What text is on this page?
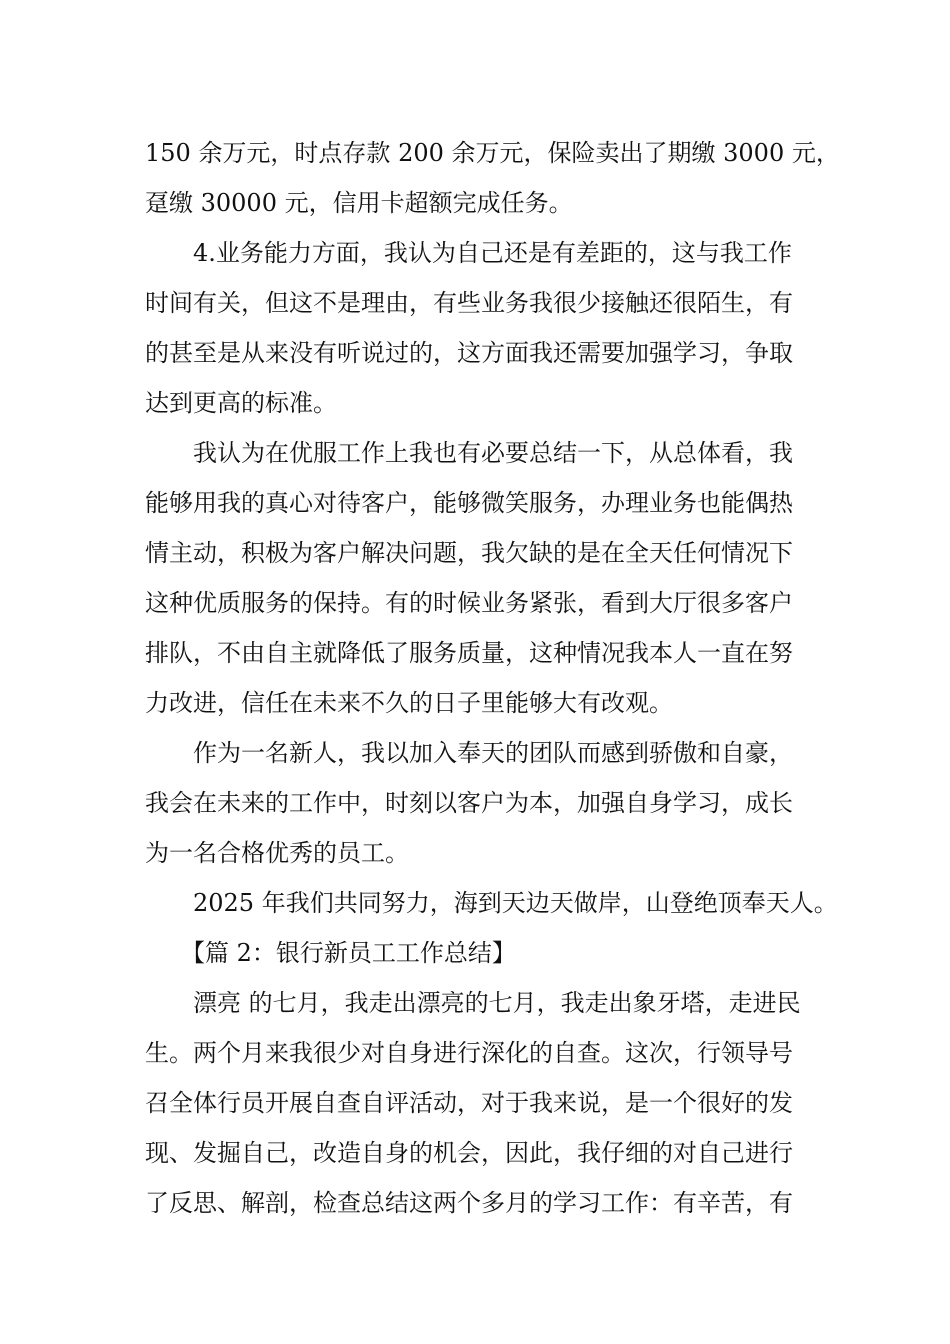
150 余万元，时点存款 200 余万元，保险卖出了期缴 3000 元，
趸缴 30000 元，信用卡超额完成任务。
4.业务能力方面，我认为自己还是有差距的，这与我工作
时间有关，但这不是理由，有些业务我很少接触还很陌生，有
的甚至是从来没有听说过的，这方面我还需要加强学习，争取
达到更高的标准。
我认为在优服工作上我也有必要总结一下，从总体看，我
能够用我的真心对待客户，能够微笑服务，办理业务也能偶热
情主动，积极为客户解决问题，我欠缺的是在全天任何情况下
这种优质服务的保持。有的时候业务紧张，看到大厅很多客户
排队，不由自主就降低了服务质量，这种情况我本人一直在努
力改进，信任在未来不久的日子里能够大有改观。
作为一名新人，我以加入奉天的团队而感到骄傲和自豪，
我会在未来的工作中，时刻以客户为本，加强自身学习，成长
为一名合格优秀的员工。
2025 年我们共同努力，海到天边天做岸，山登绝顶奉天人。
【篇 2：银行新员工工作总结】
漂亮 的七月，我走出漂亮的七月，我走出象牙塔，走进民
生。两个月来我很少对自身进行深化的自查。这次，行领导号
召全体行员开展自查自评活动，对于我来说，是一个很好的发
现、发掘自己，改造自身的机会，因此，我仔细的对自己进行
了反思、解剖，检查总结这两个多月的学习工作：有辛苦，有
